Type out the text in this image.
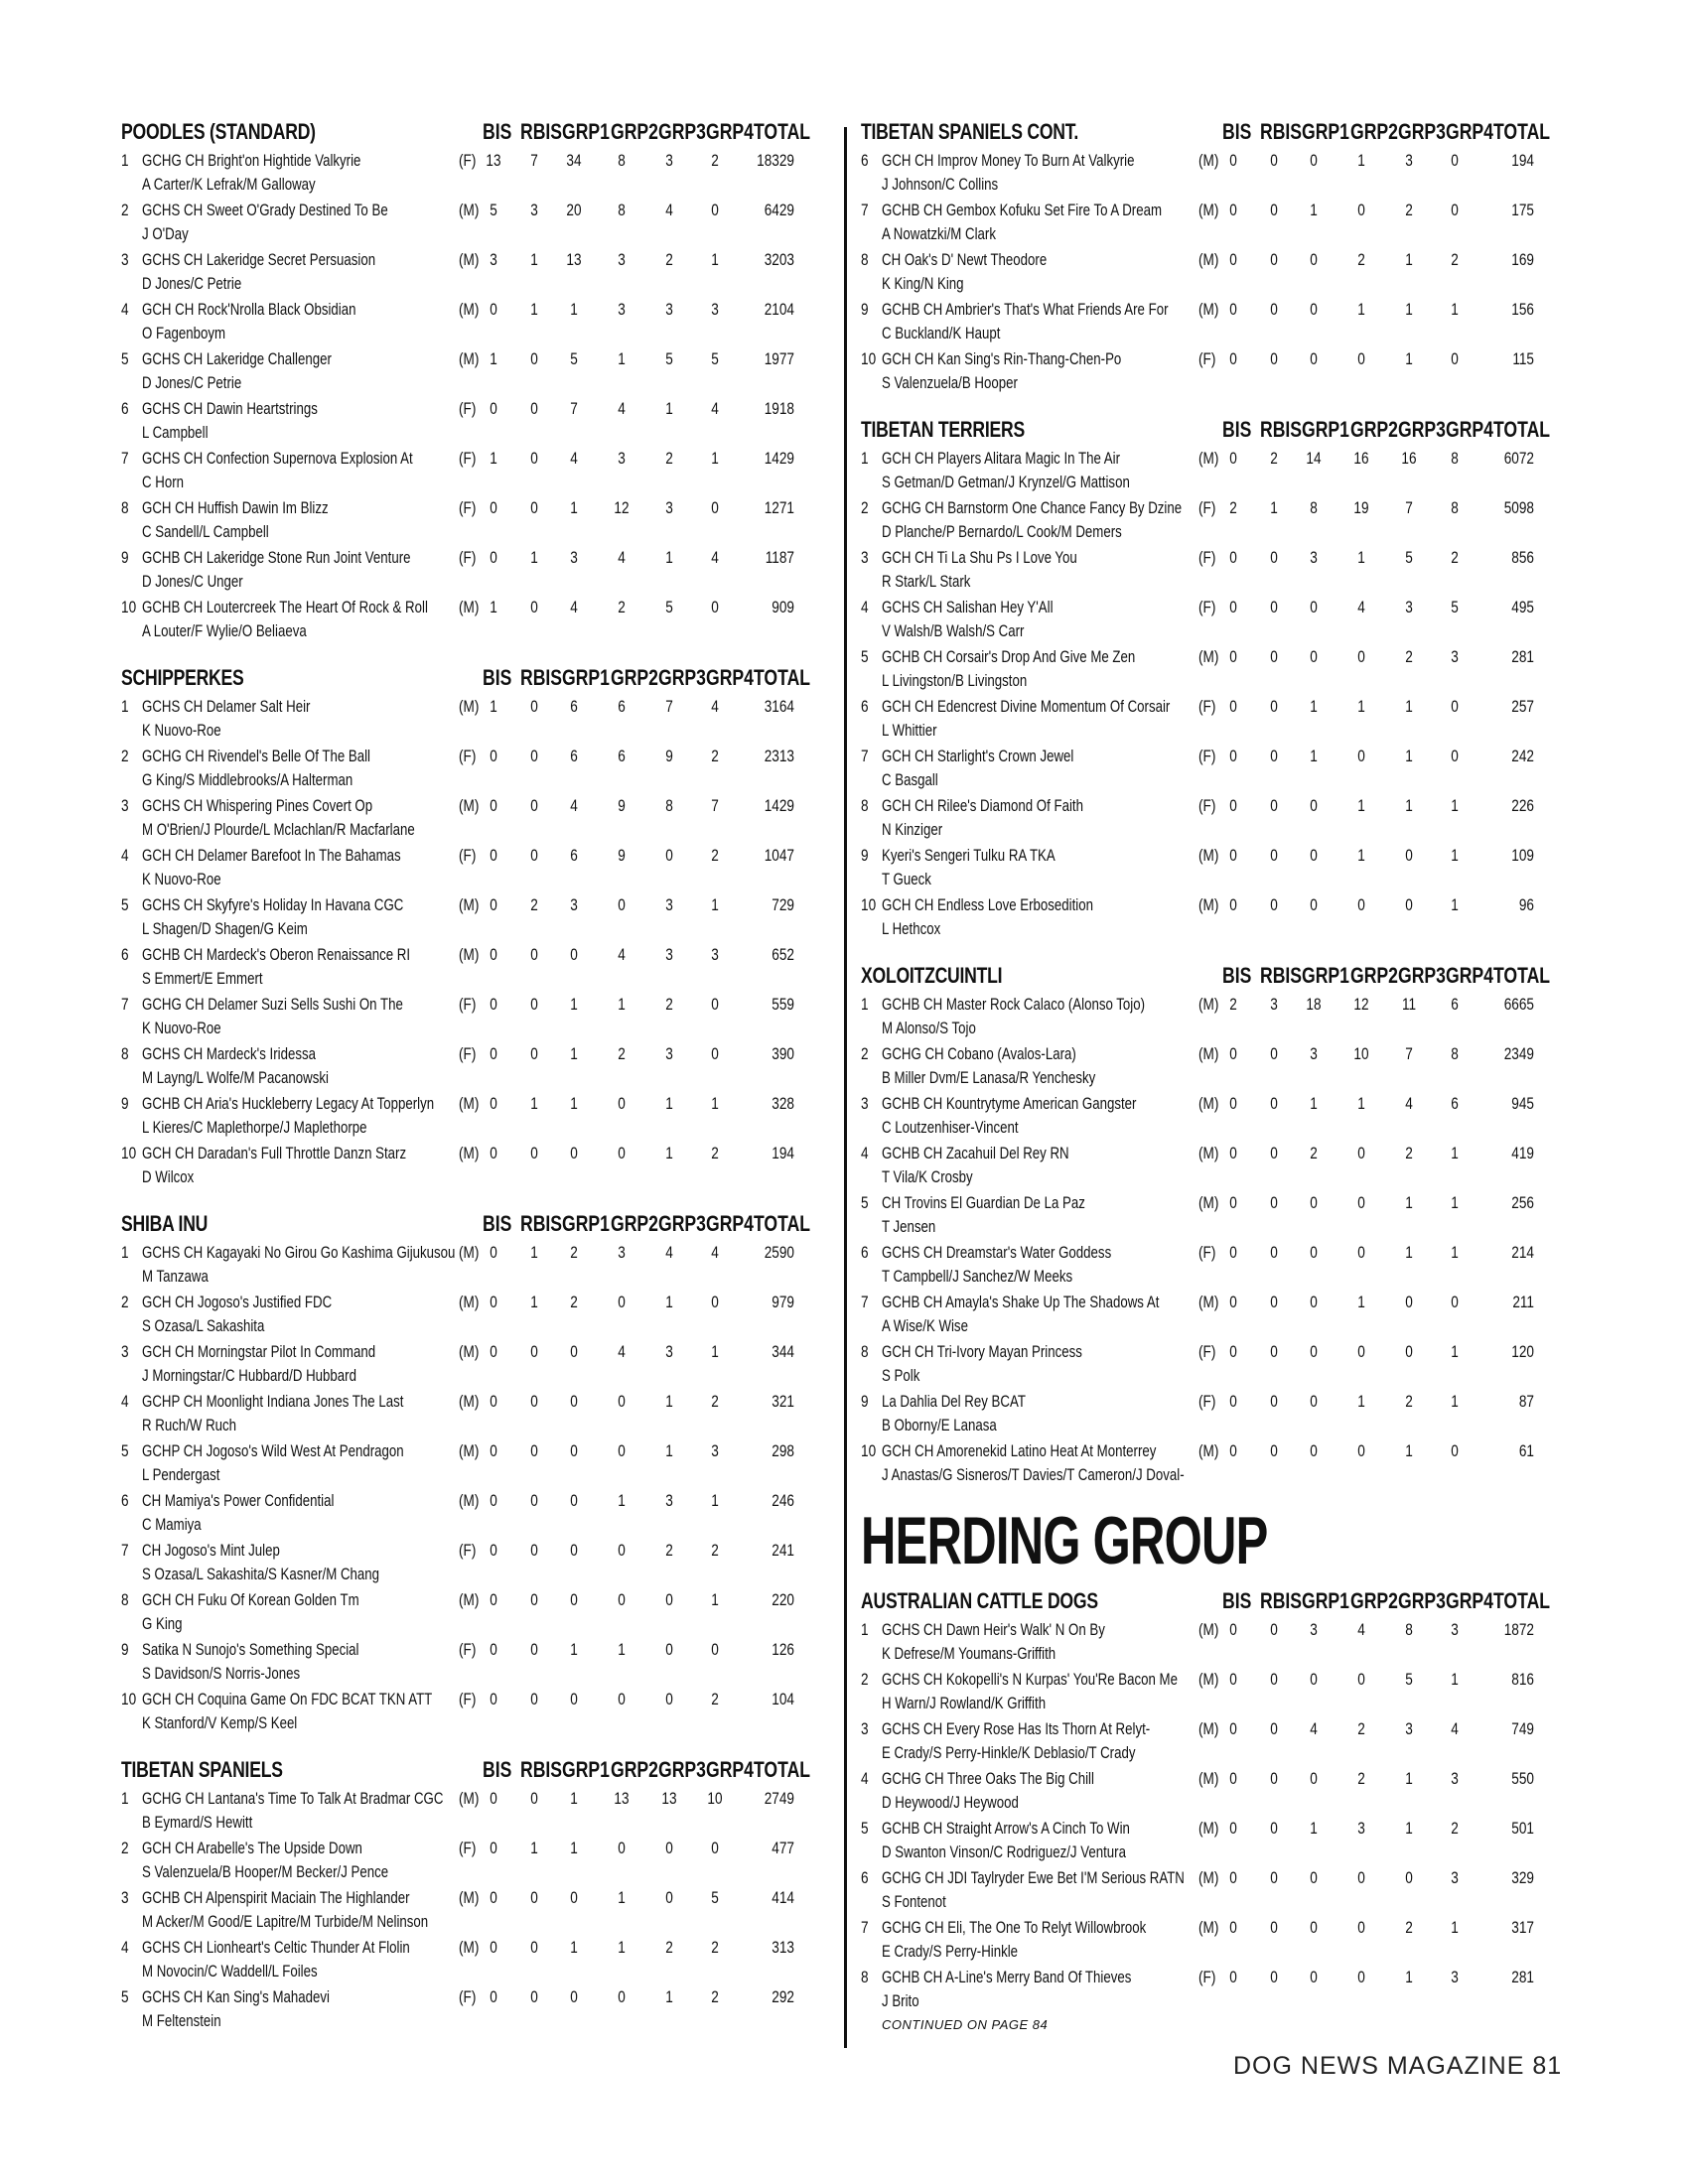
POODLES (STANDARD)	BIS RBIS GRP1 GRP2 GRP3 GRP4 TOTAL
1 GCHG CH Bright'on Hightide Valkyrie
A Carter/K Lefrak/M Galloway
(F) 13	7	34	8	3	2	18329
2 GCHS CH Sweet O'Grady Destined To Be
J O'Day
(M) 5	3	20	8	4	0	6429
3 GCHS CH Lakeridge Secret Persuasion
D Jones/C Petrie
(M) 3	1	13	3	2	1	3203
4 GCH CH Rock'Nrolla Black Obsidian
O Fagenboym
(M) 0	1	1	3	3	3	2104
5 GCHS CH Lakeridge Challenger
D Jones/C Petrie
(M) 1	0	5	1	5	5	1977
6 GCHS CH Dawin Heartstrings
L Campbell
(F) 0	0	7	4	1	4	1918
7 GCHS CH Confection Supernova Explosion At
C Horn
(F) 1	0	4	3	2	1	1429
8 GCH CH Huffish Dawin Im Blizz
C Sandell/L Campbell
(F) 0	0	1	12	3	0	1271
9 GCHB CH Lakeridge Stone Run Joint Venture
D Jones/C Unger
(F) 0	1	3	4	1	4	1187
10 GCHB CH Loutercreek The Heart Of Rock & Roll
A Louter/F Wylie/O Beliaeva
(M) 1	0	4	2	5	0	909
SCHIPPERKES	BIS RBIS GRP1 GRP2 GRP3 GRP4 TOTAL
1 GCHS CH Delamer Salt Heir
K Nuovo-Roe
(M) 1	0	6	6	7	4	3164
2 GCHG CH Rivendel's Belle Of The Ball
G King/S Middlebrooks/A Halterman
(F) 0	0	6	6	9	2	2313
3 GCHS CH Whispering Pines Covert Op
M O'Brien/J Plourde/L Mclachlan/R Macfarlane
(M) 0	0	4	9	8	7	1429
4 GCH CH Delamer Barefoot In The Bahamas
K Nuovo-Roe
(F) 0	0	6	9	0	2	1047
5 GCHS CH Skyfyre's Holiday In Havana CGC
L Shagen/D Shagen/G Keim
(M) 0	2	3	0	3	1	729
6 GCHB CH Mardeck's Oberon Renaissance RI
S Emmert/E Emmert
(M) 0	0	0	4	3	3	652
7 GCHG CH Delamer Suzi Sells Sushi On The
K Nuovo-Roe
(F) 0	0	1	1	2	0	559
8 GCHS CH Mardeck's Iridessa
M Layng/L Wolfe/M Pacanowski
(F) 0	0	1	2	3	0	390
9 GCHB CH Aria's Huckleberry Legacy At Topperlyn
L Kieres/C Maplethorpe/J Maplethorpe
(M) 0	1	1	0	1	1	328
10 GCH CH Daradan's Full Throttle Danzn Starz
D Wilcox
(M) 0	0	0	0	1	2	194
SHIBA INU	BIS RBIS GRP1 GRP2 GRP3 GRP4 TOTAL
1 GCHS CH Kagayaki No Girou Go Kashima Gijukusou
M Tanzawa
(M) 0	1	2	3	4	4	2590
2 GCH CH Jogoso's Justified FDC
S Ozasa/L Sakashita
(M) 0	1	2	0	1	0	979
3 GCH CH Morningstar Pilot In Command
J Morningstar/C Hubbard/D Hubbard
(M) 0	0	0	4	3	1	344
4 GCHP CH Moonlight Indiana Jones The Last
R Ruch/W Ruch
(M) 0	0	0	0	1	2	321
5 GCHP CH Jogoso's Wild West At Pendragon
L Pendergast
(M) 0	0	0	0	1	3	298
6 CH Mamiya's Power Confidential
C Mamiya
(M) 0	0	0	1	3	1	246
7 CH Jogoso's Mint Julep
S Ozasa/L Sakashita/S Kasner/M Chang
(F) 0	0	0	0	2	2	241
8 GCH CH Fuku Of Korean Golden Tm
G King
(M) 0	0	0	0	0	1	220
9 Satika N Sunojo's Something Special
S Davidson/S Norris-Jones
(F) 0	0	1	1	0	0	126
10 GCH CH Coquina Game On FDC BCAT TKN ATT
K Stanford/V Kemp/S Keel
(F) 0	0	0	0	0	2	104
TIBETAN SPANIELS	BIS RBIS GRP1 GRP2 GRP3 GRP4 TOTAL
1 GCHG CH Lantana's Time To Talk At Bradmar CGC
B Eymard/S Hewitt
(M) 0	0	1	13	13	10	2749
2 GCH CH Arabelle's The Upside Down
S Valenzuela/B Hooper/M Becker/J Pence
(F) 0	1	1	0	0	0	477
3 GCHB CH Alpenspirit Maciain The Highlander
M Acker/M Good/E Lapitre/M Turbide/M Nelinson
(M) 0	0	0	1	0	5	414
4 GCHS CH Lionheart's Celtic Thunder At Flolin
M Novocin/C Waddell/L Foiles
(M) 0	0	1	1	2	2	313
5 GCHS CH Kan Sing's Mahadevi
M Feltenstein
(F) 0	0	0	0	1	2	292
TIBETAN SPANIELS CONT.	BIS RBIS GRP1 GRP2 GRP3 GRP4 TOTAL
6 GCH CH Improv Money To Burn At Valkyrie
J Johnson/C Collins
(M) 0	0	0	1	3	0	194
7 GCHB CH Gembox Kofuku Set Fire To A Dream
A Nowatzki/M Clark
(M) 0	0	1	0	2	0	175
8 CH Oak's D' Newt Theodore
K King/N King
(M) 0	0	0	2	1	2	169
9 GCHB CH Ambrier's That's What Friends Are For
C Buckland/K Haupt
(M) 0	0	0	1	1	1	156
10 GCH CH Kan Sing's Rin-Thang-Chen-Po
S Valenzuela/B Hooper
(F) 0	0	0	0	1	0	115
TIBETAN TERRIERS	BIS RBIS GRP1 GRP2 GRP3 GRP4 TOTAL
1 GCH CH Players Alitara Magic In The Air
S Getman/D Getman/J Krynzel/G Mattison
(M) 0	2	14	16	16	8	6072
2 GCHG CH Barnstorm One Chance Fancy By Dzine
D Planche/P Bernardo/L Cook/M Demers
(F) 2	1	8	19	7	8	5098
3 GCH CH Ti La Shu Ps I Love You
R Stark/L Stark
(F) 0	0	3	1	5	2	856
4 GCHS CH Salishan Hey Y'All
V Walsh/B Walsh/S Carr
(F) 0	0	0	4	3	5	495
5 GCHB CH Corsair's Drop And Give Me Zen
L Livingston/B Livingston
(M) 0	0	0	0	2	3	281
6 GCH CH Edencrest Divine Momentum Of Corsair
L Whittier
(F) 0	0	1	1	1	0	257
7 GCH CH Starlight's Crown Jewel
C Basgall
(F) 0	0	1	0	1	0	242
8 GCH CH Rilee's Diamond Of Faith
N Kinziger
(F) 0	0	0	1	1	1	226
9 Kyeri's Sengeri Tulku RA TKA
T Gueck
(M) 0	0	0	1	0	1	109
10 GCH CH Endless Love Erbosedition
L Hethcox
(M) 0	0	0	0	0	1	96
XOLOITZCUINTLI	BIS RBIS GRP1 GRP2 GRP3 GRP4 TOTAL
1 GCHB CH Master Rock Calaco (Alonso Tojo)
M Alonso/S Tojo
(M) 2	3	18	12	11	6	6665
2 GCHG CH Cobano (Avalos-Lara)
B Miller Dvm/E Lanasa/R Yenchesky
(M) 0	0	3	10	7	8	2349
3 GCHB CH Kountrytyme American Gangster
C Loutzenhiser-Vincent
(M) 0	0	1	1	4	6	945
4 GCHB CH Zacahuil Del Rey RN
T Vila/K Crosby
(M) 0	0	2	0	2	1	419
5 CH Trovins El Guardian De La Paz
T Jensen
(M) 0	0	0	0	1	1	256
6 GCHS CH Dreamstar's Water Goddess
T Campbell/J Sanchez/W Meeks
(F) 0	0	0	0	1	1	214
7 GCHB CH Amayla's Shake Up The Shadows At
A Wise/K Wise
(M) 0	0	0	1	0	0	211
8 GCH CH Tri-Ivory Mayan Princess
S Polk
(F) 0	0	0	0	0	1	120
9 La Dahlia Del Rey BCAT
B Oborny/E Lanasa
(F) 0	0	0	1	2	1	87
10 GCH CH Amorenekid Latino Heat At Monterrey
J Anastas/G Sisneros/T Davies/T Cameron/J Doval-
(M) 0	0	0	0	1	0	61
HERDING GROUP
AUSTRALIAN CATTLE DOGS	BIS RBIS GRP1 GRP2 GRP3 GRP4 TOTAL
1 GCHS CH Dawn Heir's Walk' N On By
K Defrese/M Youmans-Griffith
(M) 0	0	3	4	8	3	1872
2 GCHS CH Kokopelli's N Kurpas' You'Re Bacon Me
H Warn/J Rowland/K Griffith
(M) 0	0	0	0	5	1	816
3 GCHS CH Every Rose Has Its Thorn At Relyt-
E Crady/S Perry-Hinkle/K Deblasio/T Crady
(M) 0	0	4	2	3	4	749
4 GCHG CH Three Oaks The Big Chill
D Heywood/J Heywood
(M) 0	0	0	2	1	3	550
5 GCHB CH Straight Arrow's A Cinch To Win
D Swanton Vinson/C Rodriguez/J Ventura
(M) 0	0	1	3	1	2	501
6 GCHG CH JDI Taylryder Ewe Bet I'M Serious RATN
S Fontenot
(M) 0	0	0	0	0	3	329
7 GCHG CH Eli, The One To Relyt Willowbrook
E Crady/S Perry-Hinkle
(M) 0	0	0	0	2	1	317
8 GCHB CH A-Line's Merry Band Of Thieves
J Brito
(F) 0	0	0	0	1	3	281
CONTINUED ON PAGE 84
DOG NEWS MAGAZINE 81
